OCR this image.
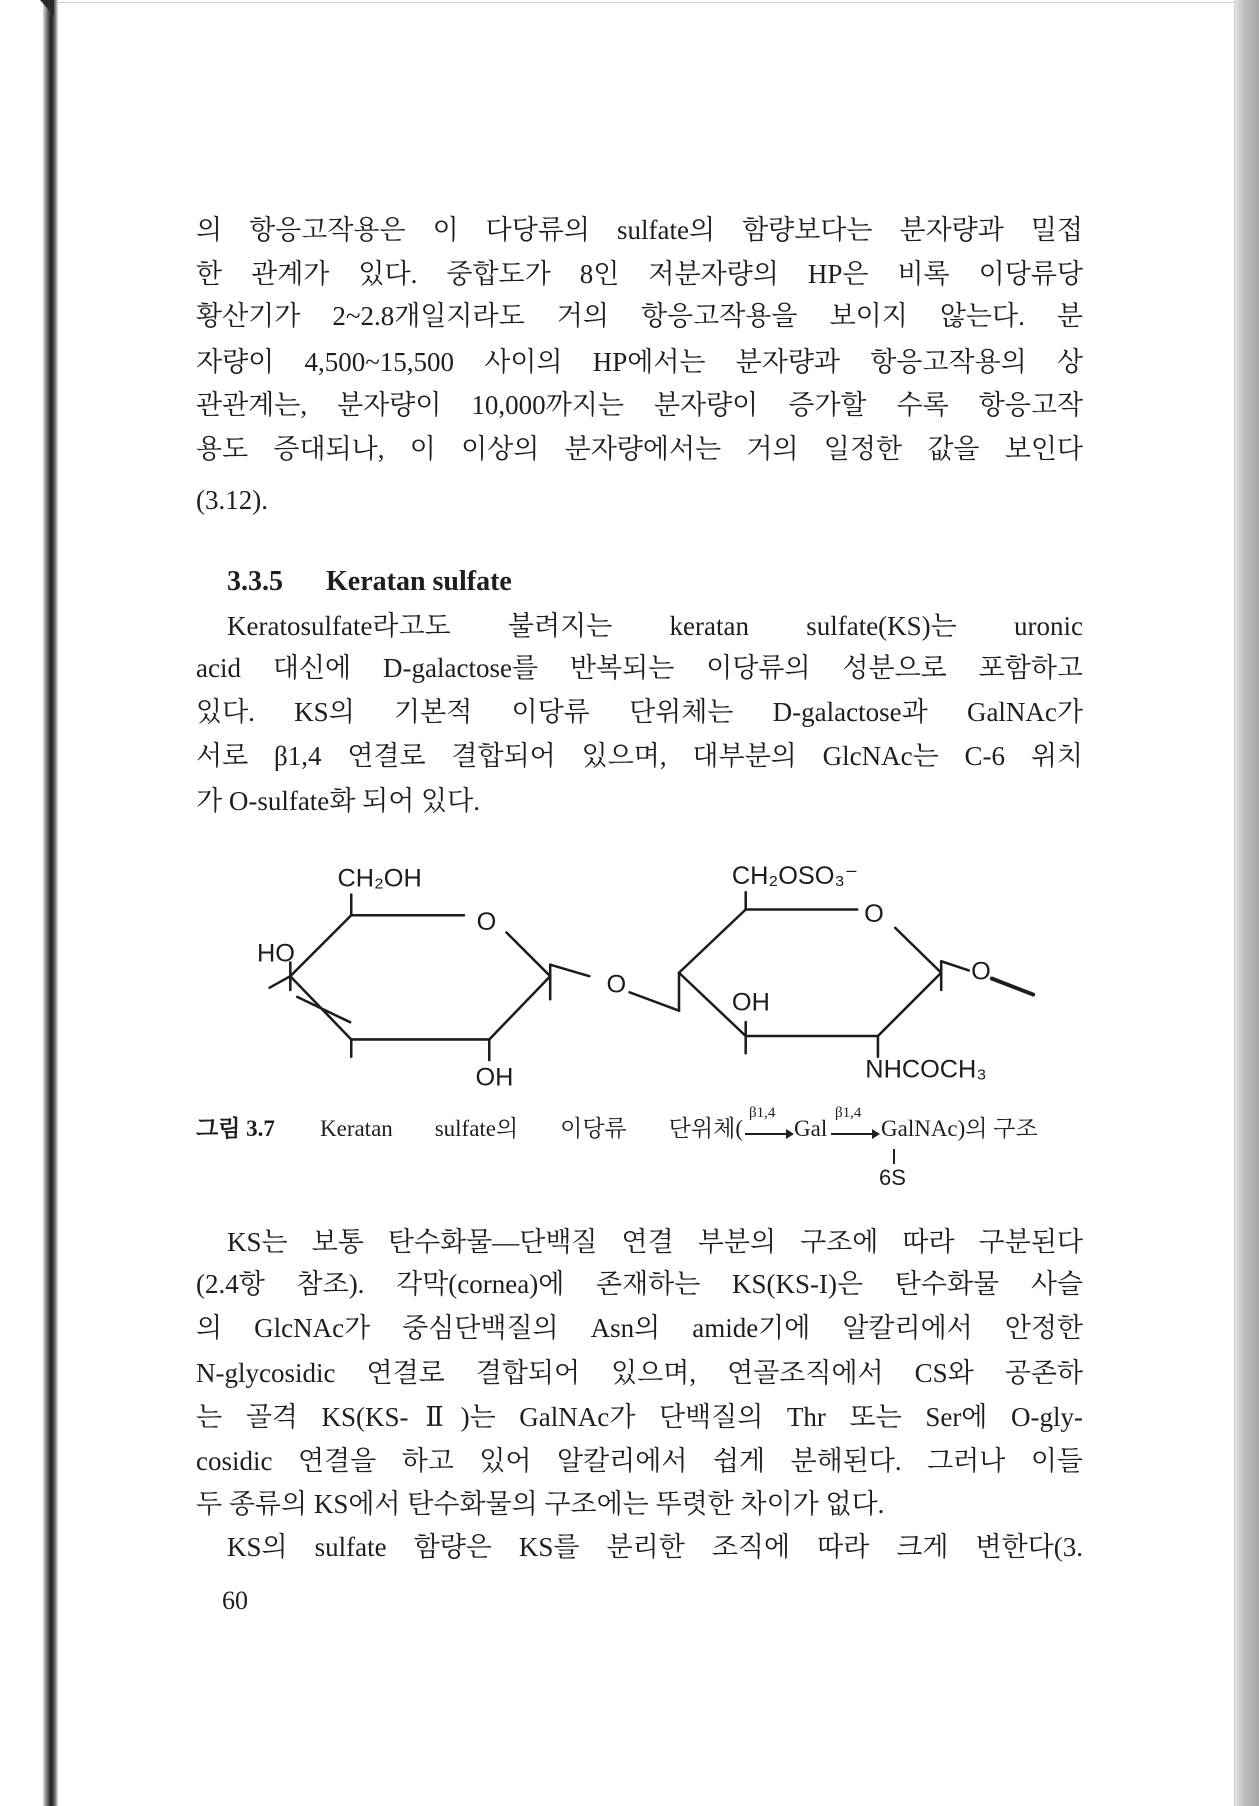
의 항응고작용은 이 다당류의 sulfate의 함량보다는 분자량과 밀접
한 관계가 있다. 중합도가 8인 저분자량의 HP은 비록 이당류당
황산기가 2~2.8개일지라도 거의 항응고작용을 보이지 않는다. 분
자량이 4,500~15,500 사이의 HP에서는 분자량과 항응고작용의 상
관관계는, 분자량이 10,000까지는 분자량이 증가할 수록 항응고작
용도 증대되나, 이 이상의 분자량에서는 거의 일정한 값을 보인다
(3.12).
3.3.5 Keratan sulfate
Keratosulfate라고도 불려지는 keratan sulfate(KS)는 uronic
acid 대신에 D-galactose를 반복되는 이당류의 성분으로 포함하고
있다. KS의 기본적 이당류 단위체는 D-galactose과 GalNAc가
서로 β1,4 연결로 결합되어 있으며, 대부분의 GlcNAc는 C-6 위치
가 O-sulfate화 되어 있다.
CH₂OH
HO
O
OH
O
CH₂OSO₃⁻
O
OH
NHCOCH₃
O
그림 3.7 Keratan sulfate의 이당류 단위체(
β1,4
Gal
β1,4
GalNAc)의 구조
6S
KS는 보통 탄수화물—단백질 연결 부분의 구조에 따라 구분된다
(2.4항 참조). 각막(cornea)에 존재하는 KS(KS-I)은 탄수화물 사슬
의 GlcNAc가 중심단백질의 Asn의 amide기에 알칼리에서 안정한
N-glycosidic 연결로 결합되어 있으며, 연골조직에서 CS와 공존하
는 골격 KS(KS-Ⅱ)는 GalNAc가 단백질의 Thr 또는 Ser에 O-gly-
cosidic 연결을 하고 있어 알칼리에서 쉽게 분해된다. 그러나 이들
두 종류의 KS에서 탄수화물의 구조에는 뚜렷한 차이가 없다.
KS의 sulfate 함량은 KS를 분리한 조직에 따라 크게 변한다(3.
60
